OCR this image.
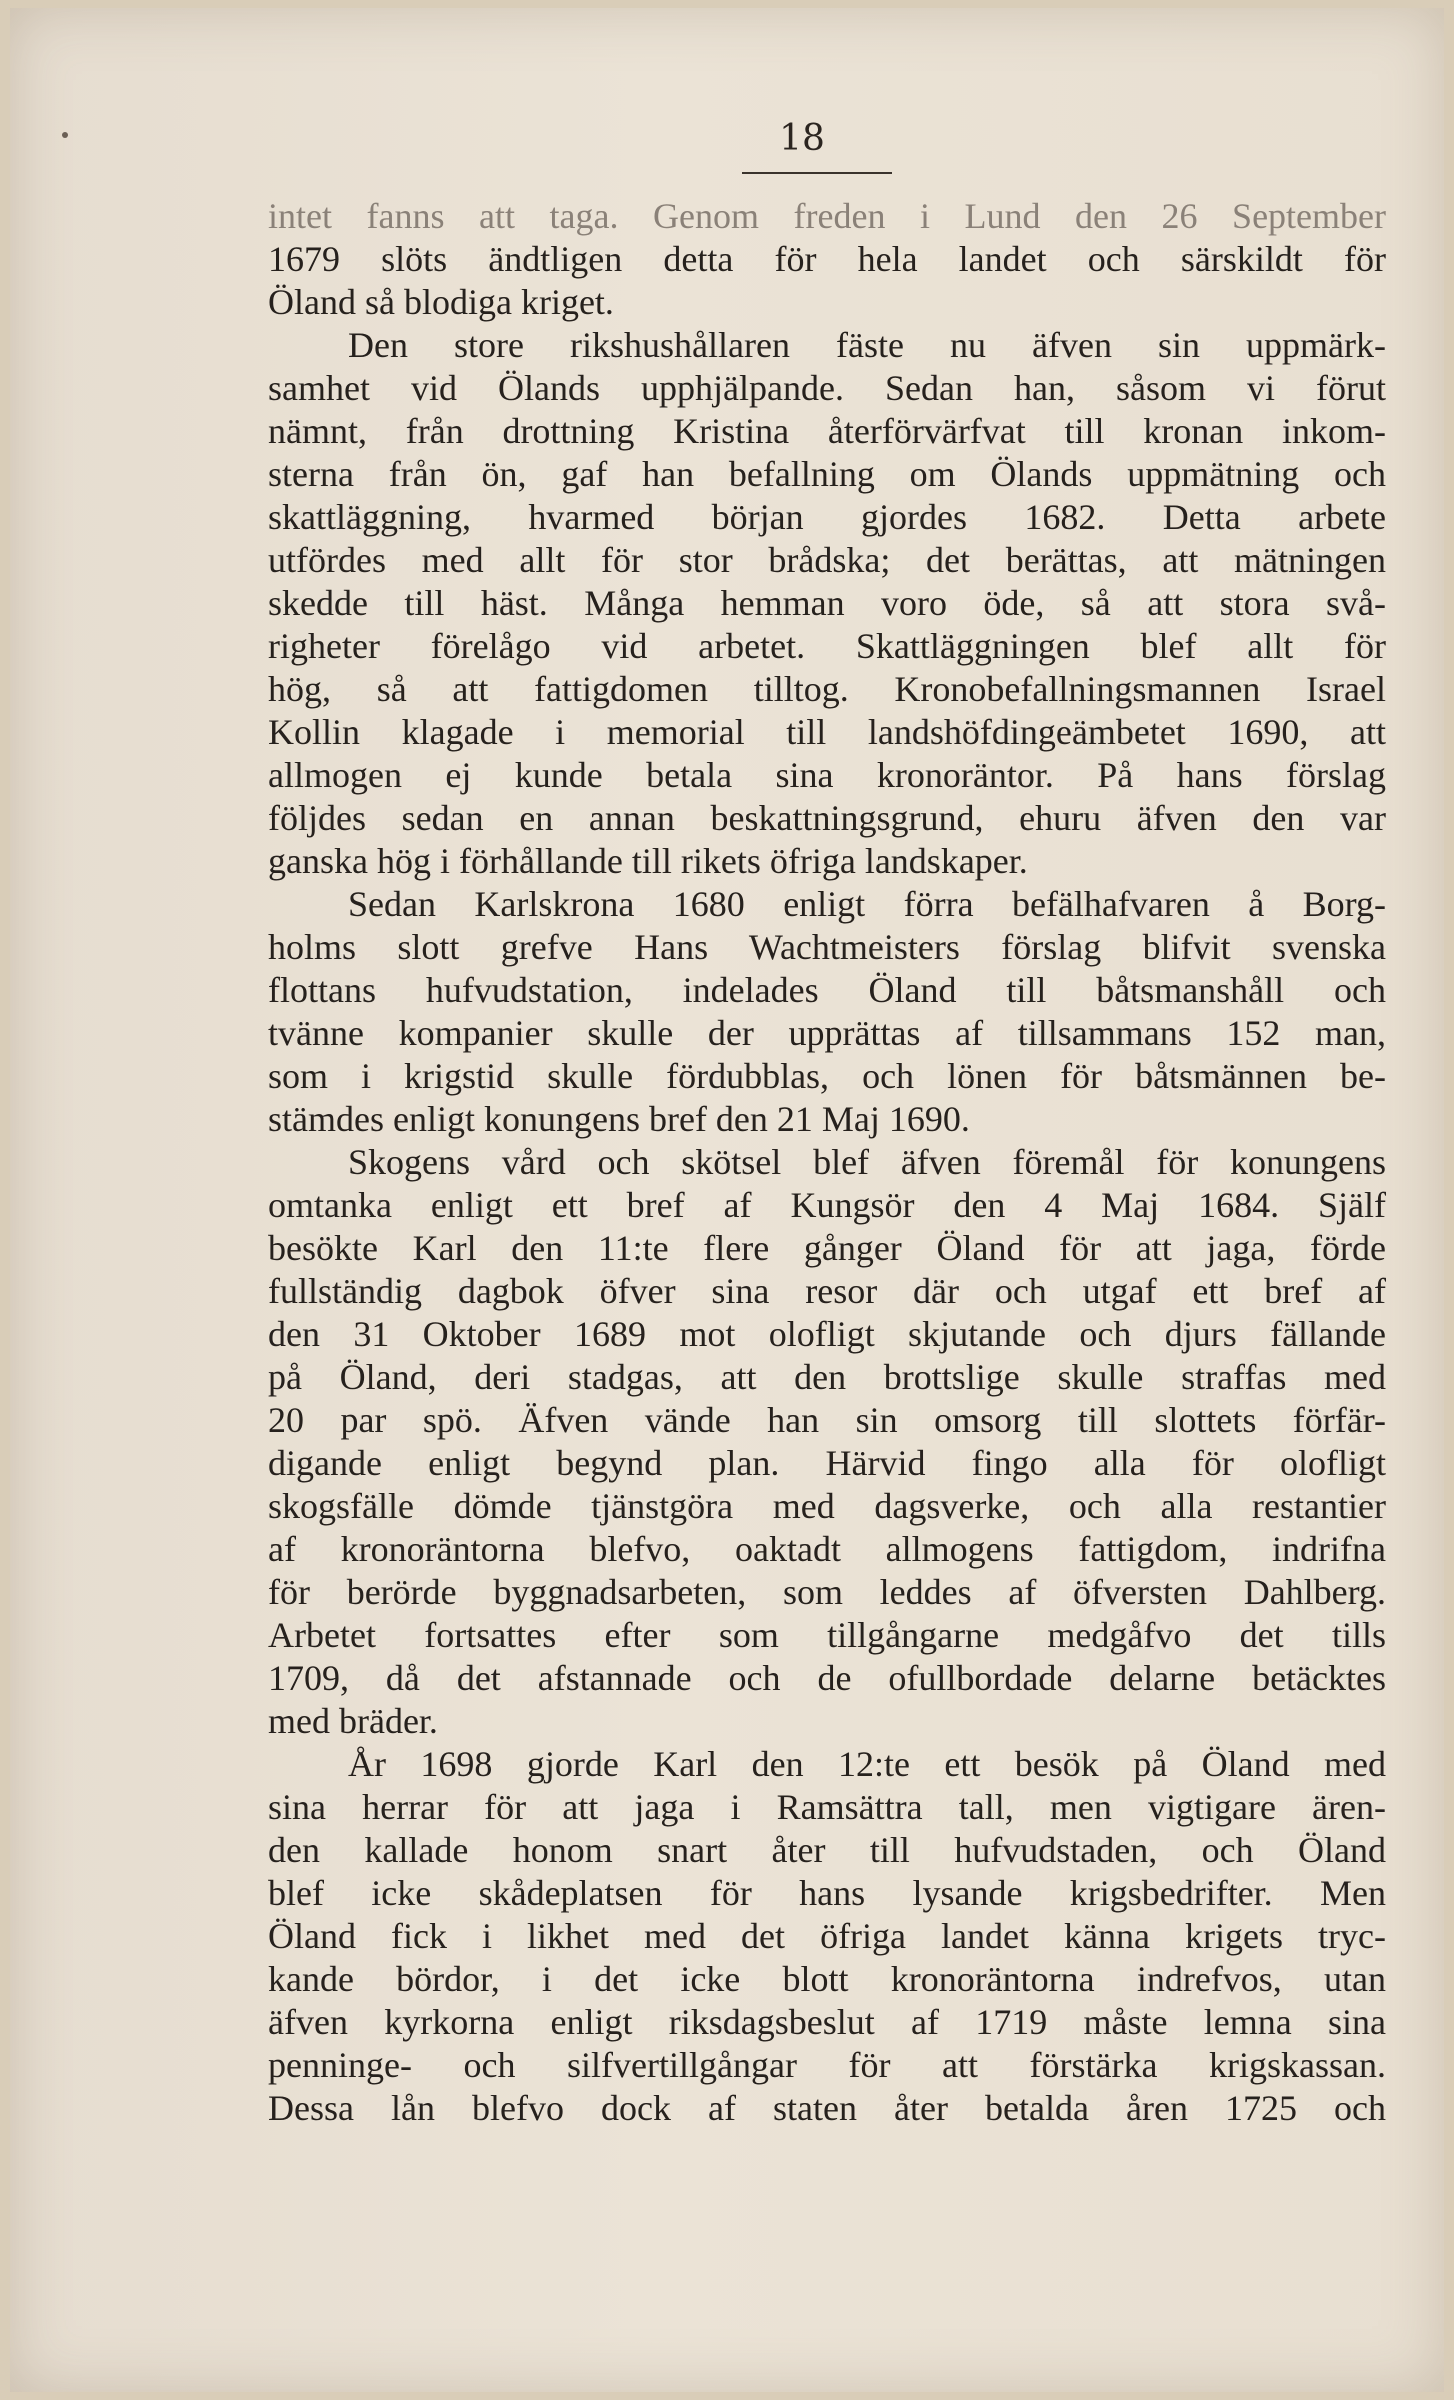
18
intet fanns att taga. Genom freden i Lund den 26 September
1679 slöts ändtligen detta för hela landet och särskildt för
Öland så blodiga kriget.
Den store rikshushållaren fäste nu äfven sin uppmärk-
samhet vid Ölands upphjälpande. Sedan han, såsom vi förut
nämnt, från drottning Kristina återförvärfvat till kronan inkom-
sterna från ön, gaf han befallning om Ölands uppmätning och
skattläggning, hvarmed början gjordes 1682. Detta arbete
utfördes med allt för stor brådska; det berättas, att mätningen
skedde till häst. Många hemman voro öde, så att stora svå-
righeter förelågo vid arbetet. Skattläggningen blef allt för
hög, så att fattigdomen tilltog. Kronobefallningsmannen Israel
Kollin klagade i memorial till landshöfdingeämbetet 1690, att
allmogen ej kunde betala sina kronoräntor. På hans förslag
följdes sedan en annan beskattningsgrund, ehuru äfven den var
ganska hög i förhållande till rikets öfriga landskaper.
Sedan Karlskrona 1680 enligt förra befälhafvaren å Borg-
holms slott grefve Hans Wachtmeisters förslag blifvit svenska
flottans hufvudstation, indelades Öland till båtsmanshåll och
tvänne kompanier skulle der upprättas af tillsammans 152 man,
som i krigstid skulle fördubblas, och lönen för båtsmännen be-
stämdes enligt konungens bref den 21 Maj 1690.
Skogens vård och skötsel blef äfven föremål för konungens
omtanka enligt ett bref af Kungsör den 4 Maj 1684. Själf
besökte Karl den 11:te flere gånger Öland för att jaga, förde
fullständig dagbok öfver sina resor där och utgaf ett bref af
den 31 Oktober 1689 mot olofligt skjutande och djurs fällande
på Öland, deri stadgas, att den brottslige skulle straffas med
20 par spö. Äfven vände han sin omsorg till slottets förfär-
digande enligt begynd plan. Härvid fingo alla för olofligt
skogsfälle dömde tjänstgöra med dagsverke, och alla restantier
af kronoräntorna blefvo, oaktadt allmogens fattigdom, indrifna
för berörde byggnadsarbeten, som leddes af öfversten Dahlberg.
Arbetet fortsattes efter som tillgångarne medgåfvo det tills
1709, då det afstannade och de ofullbordade delarne betäcktes
med bräder.
År 1698 gjorde Karl den 12:te ett besök på Öland med
sina herrar för att jaga i Ramsättra tall, men vigtigare ären-
den kallade honom snart åter till hufvudstaden, och Öland
blef icke skådeplatsen för hans lysande krigsbedrifter. Men
Öland fick i likhet med det öfriga landet känna krigets tryc-
kande bördor, i det icke blott kronoräntorna indrefvos, utan
äfven kyrkorna enligt riksdagsbeslut af 1719 måste lemna sina
penninge- och silfvertillgångar för att förstärka krigskassan.
Dessa lån blefvo dock af staten åter betalda åren 1725 och
